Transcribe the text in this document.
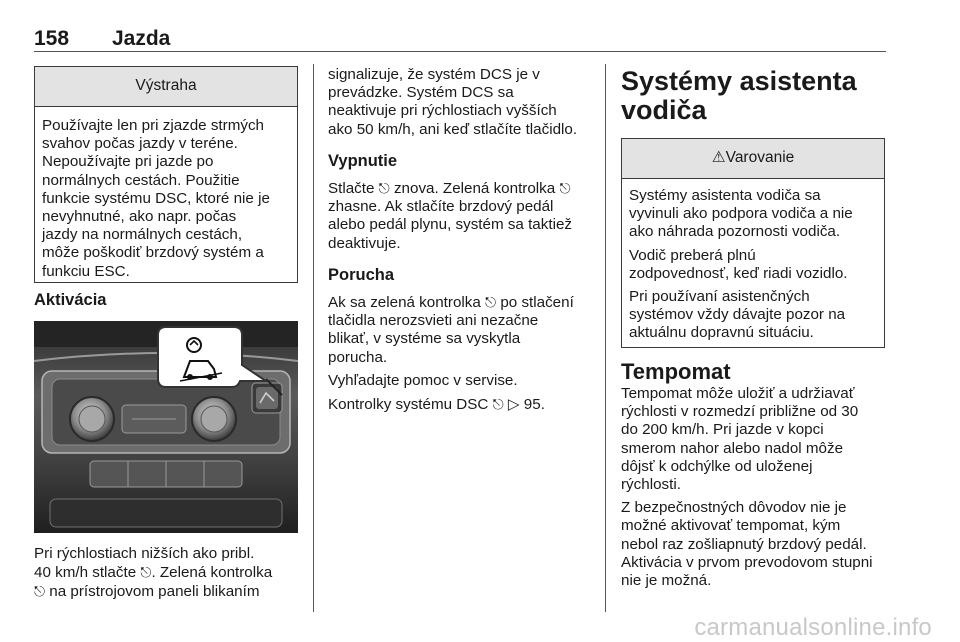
158 Jazda
Výstraha
Používajte len pri zjazde strmých
svahov počas jazdy v teréne.
Nepoužívajte pri jazde po
normálnych cestách. Použitie
funkcie systému DSC, ktoré nie je
nevyhnutné, ako napr. počas
jazdy na normálnych cestách,
môže poškodiť brzdový systém a
funkciu ESC.
Aktivácia
Pri rýchlostiach nižších ako pribl.
40 km/h stlačte ⎋. Zelená kontrolka
⎋ na prístrojovom paneli blikaním
signalizuje, že systém DCS je v
prevádzke. Systém DCS sa
neaktivuje pri rýchlostiach vyšších
ako 50 km/h, ani keď stlačíte tlačidlo.
Vypnutie
Stlačte ⎋ znova. Zelená kontrolka ⎋
zhasne. Ak stlačíte brzdový pedál
alebo pedál plynu, systém sa taktiež
deaktivuje.
Porucha
Ak sa zelená kontrolka ⎋ po stlačení
tlačidla nerozsvieti ani nezačne
blikať, v systéme sa vyskytla
porucha.
Vyhľadajte pomoc v servise.
Kontrolky systému DSC ⎋ ▷ 95.
Systémy asistenta
vodiča
⚠Varovanie
Systémy asistenta vodiča sa
vyvinuli ako podpora vodiča a nie
ako náhrada pozornosti vodiča.
Vodič preberá plnú
zodpovednosť, keď riadi vozidlo.
Pri používaní asistenčných
systémov vždy dávajte pozor na
aktuálnu dopravnú situáciu.
Tempomat
Tempomat môže uložiť a udržiavať
rýchlosti v rozmedzí približne od 30
do 200 km/h. Pri jazde v kopci
smerom nahor alebo nadol môže
dôjsť k odchýlke od uloženej
rýchlosti.
Z bezpečnostných dôvodov nie je
možné aktivovať tempomat, kým
nebol raz zošliapnutý brzdový pedál.
Aktivácia v prvom prevodovom stupni
nie je možná.
carmanualsonline.info
